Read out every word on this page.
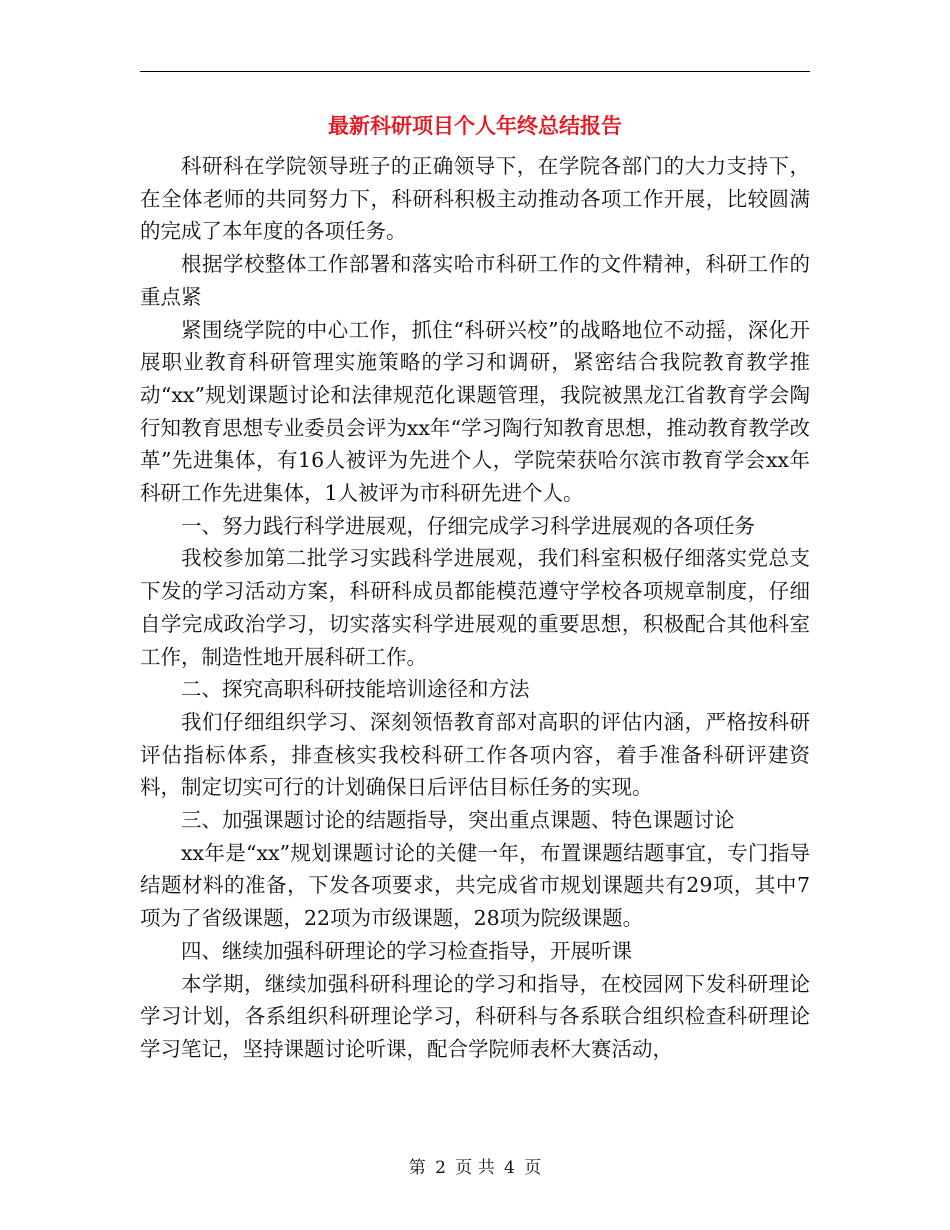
最新科研项目个人年终总结报告

科研科在学院领导班子的正确领导下，在学院各部门的大力支持下，在全体老师的共同努力下，科研科积极主动推动各项工作开展，比较圆满的完成了本年度的各项任务。

根据学校整体工作部署和落实哈市科研工作的文件精神，科研工作的重点紧

紧围绕学院的中心工作，抓住“科研兴校”的战略地位不动摇，深化开展职业教育科研管理实施策略的学习和调研，紧密结合我院教育教学推动“xx”规划课题讨论和法律规范化课题管理，我院被黑龙江省教育学会陶行知教育思想专业委员会评为xx年“学习陶行知教育思想，推动教育教学改革”先进集体，有16人被评为先进个人，学院荣获哈尔滨市教育学会xx年科研工作先进集体，1人被评为市科研先进个人。

一、努力践行科学进展观，仔细完成学习科学进展观的各项任务

我校参加第二批学习实践科学进展观，我们科室积极仔细落实党总支下发的学习活动方案，科研科成员都能模范遵守学校各项规章制度，仔细自学完成政治学习，切实落实科学进展观的重要思想，积极配合其他科室工作，制造性地开展科研工作。

二、探究高职科研技能培训途径和方法

我们仔细组织学习、深刻领悟教育部对高职的评估内涵，严格按科研评估指标体系，排查核实我校科研工作各项内容，着手准备科研评建资料，制定切实可行的计划确保日后评估目标任务的实现。

三、加强课题讨论的结题指导，突出重点课题、特色课题讨论

xx年是“xx”规划课题讨论的关健一年，布置课题结题事宜，专门指导结题材料的准备，下发各项要求，共完成省市规划课题共有29项，其中7项为了省级课题，22项为市级课题，28项为院级课题。

四、继续加强科研理论的学习检查指导，开展听课

本学期，继续加强科研科理论的学习和指导，在校园网下发科研理论学习计划，各系组织科研理论学习，科研科与各系联合组织检查科研理论学习笔记，坚持课题讨论听课，配合学院师表杯大赛活动，

第 2 页 共 4 页
